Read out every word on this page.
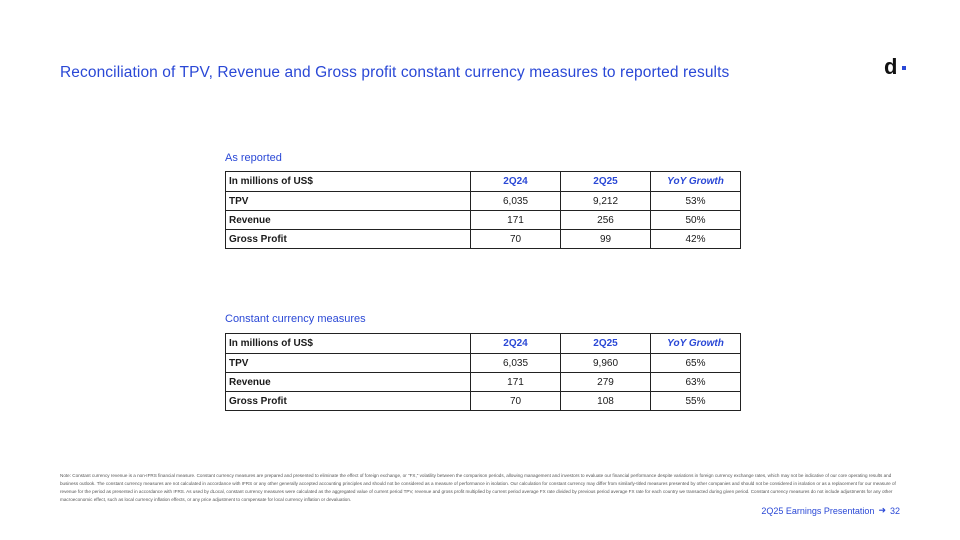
Reconciliation of TPV, Revenue and Gross profit constant currency measures to reported results	d
As reported
In millions of US$	2Q24	2Q25	YoY Growth
TPV	6,035	9,212	53%
Revenue	171	256	50%
Gross Profit	70	99	42%
Constant currency measures
In millions of US$	2Q24	2Q25	YoY Growth
TPV	6,035	9,960	65%
Revenue	171	279	63%
Gross Profit	70	108	55%
Note: Constant currency revenue is a non-IFRS financial measure. Constant currency measures are prepared and presented to eliminate the effect of foreign exchange, or "FX," volatility between the comparison periods, allowing management and investors to evaluate our financial performance despite variations in foreign currency exchange rates, which may not be indicative of our core operating results and business outlook. The constant currency measures are not calculated in accordance with IFRS or any other generally accepted accounting principles and should not be considered as a measure of performance in isolation. Our calculation for constant currency may differ from similarly-titled measures presented by other companies and should not be considered in isolation or as a replacement for our measure of revenue for the period as presented in accordance with IFRS. As used by dLocal, constant currency measures were calculated as the aggregated value of current period TPV, revenue and gross profit multiplied by current period average FX rate divided by previous period average FX rate for each country we transacted during given period. Constant currency measures do not include adjustments for any other macroeconomic effect, such as local currency inflation effects, or any price adjustment to compensate for local currency inflation or devaluation.
2Q25 Earnings Presentation ➜ 32
